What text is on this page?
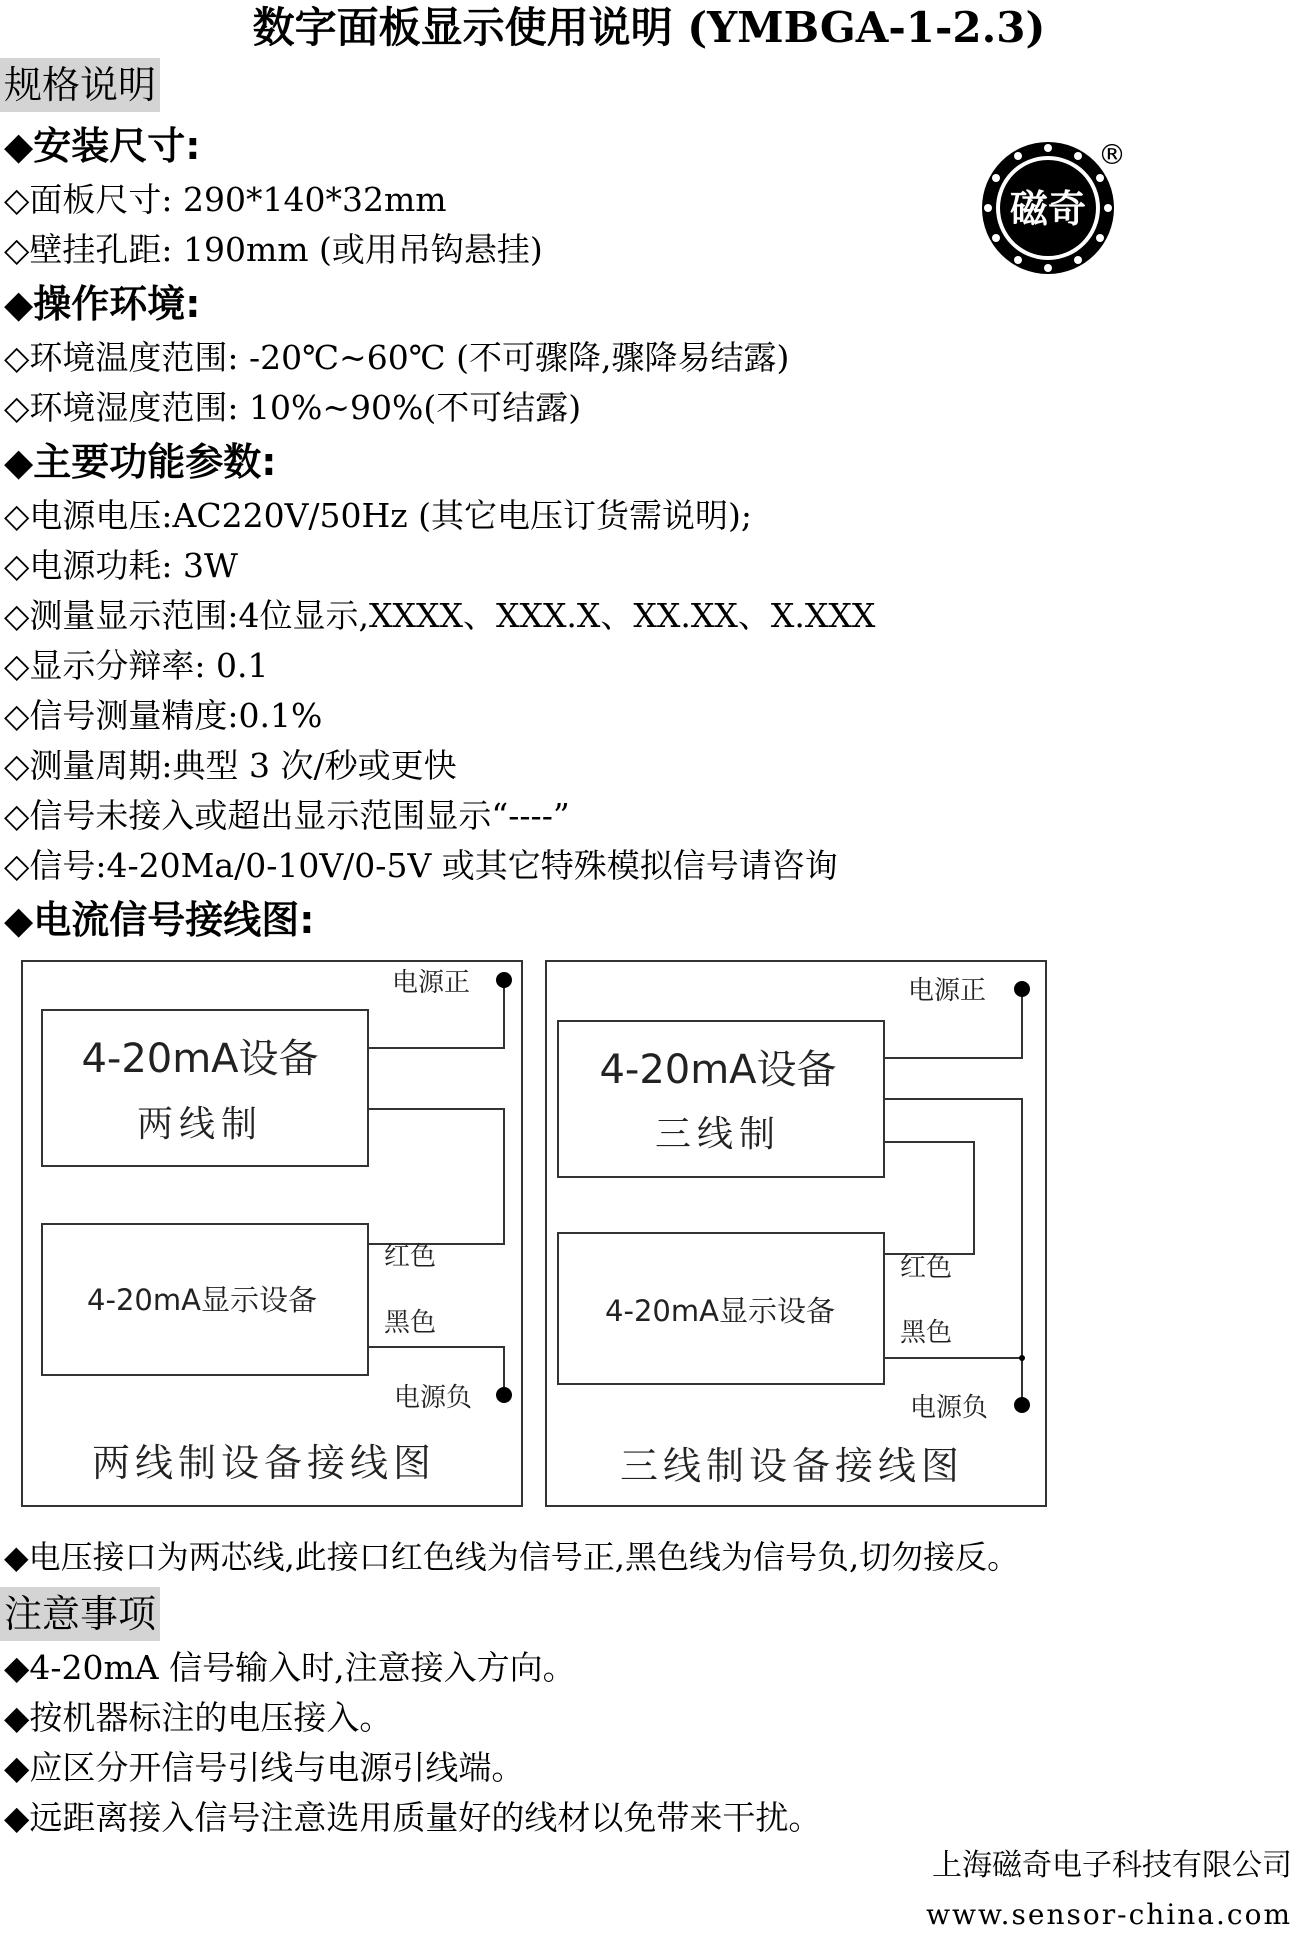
数字面板显示使用说明 (YMBGA-1-2.3)
规格说明
◆安装尺寸:
◇面板尺寸: 290*140*32mm
◇壁挂孔距: 190mm (或用吊钩悬挂)
磁奇
®
◆操作环境:
◇环境温度范围: -20℃~60℃ (不可骤降,骤降易结露)
◇环境湿度范围: 10%~90%(不可结露)
◆主要功能参数:
◇电源电压:AC220V/50Hz (其它电压订货需说明);
◇电源功耗: 3W
◇测量显示范围:4位显示,XXXX、XXX.X、XX.XX、X.XXX
◇显示分辩率: 0.1
◇信号测量精度:0.1%
◇测量周期:典型 3 次/秒或更快
◇信号未接入或超出显示范围显示“----”
◇信号:4-20Ma/0-10V/0-5V 或其它特殊模拟信号请咨询
◆电流信号接线图:
电源正
4-20mA设备
两线制
4-20mA显示设备
红色
黑色
电源负
两线制设备接线图
电源正
4-20mA设备
三线制
4-20mA显示设备
红色
黑色
电源负
三线制设备接线图
◆电压接口为两芯线,此接口红色线为信号正,黑色线为信号负,切勿接反。
注意事项
◆4-20mA 信号输入时,注意接入方向。
◆按机器标注的电压接入。
◆应区分开信号引线与电源引线端。
◆远距离接入信号注意选用质量好的线材以免带来干扰。
上海磁奇电子科技有限公司
www.sensor-china.com
